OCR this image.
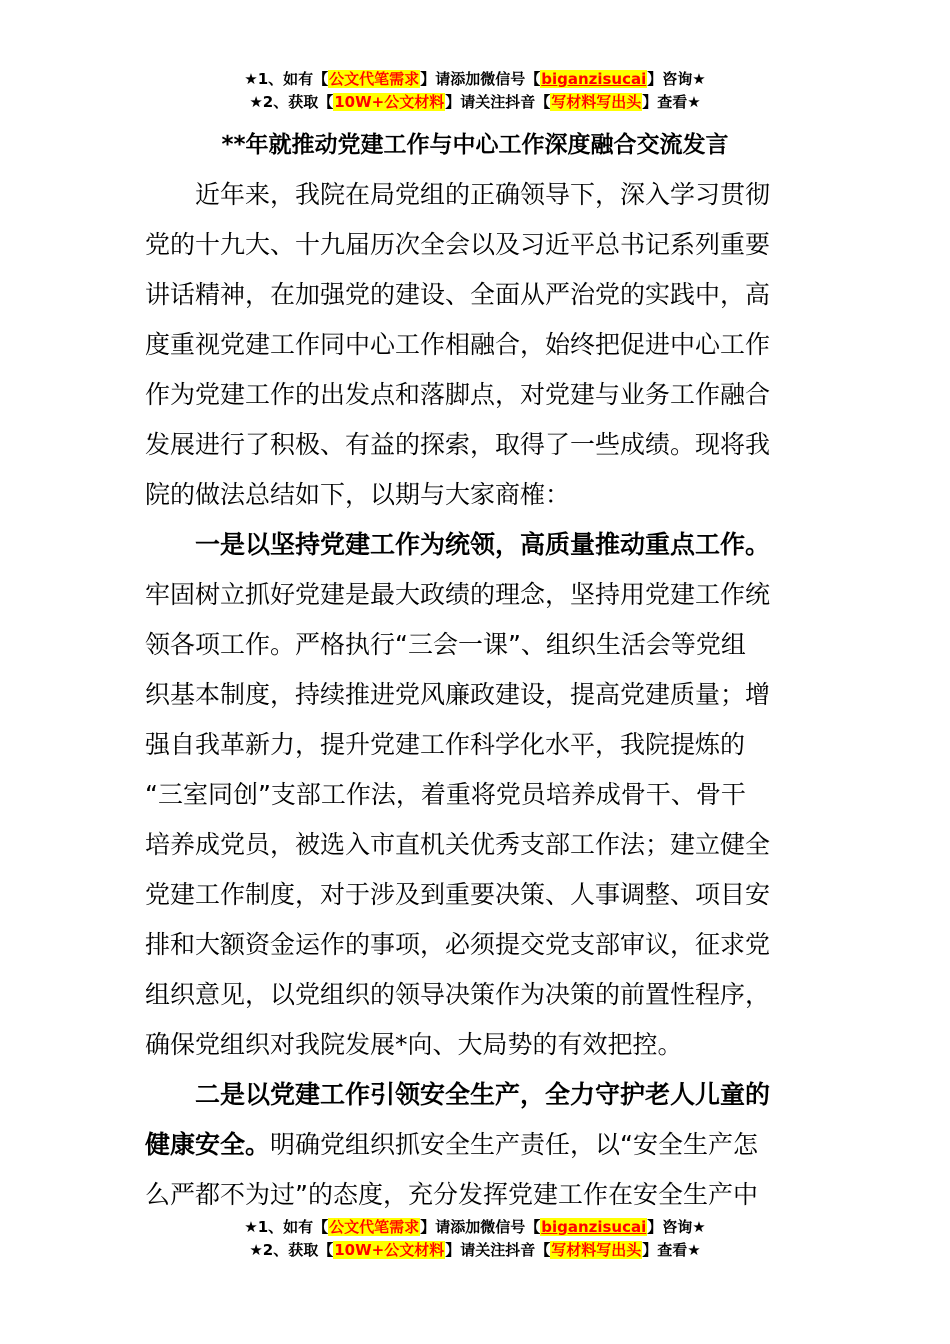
★1、如有【公文代笔需求】请添加微信号【biganzisucai】咨询★
★2、获取【10W+公文材料】请关注抖音【写材料写出头】查看★
**年就推动党建工作与中心工作深度融合交流发言
近年来，我院在局党组的正确领导下，深入学习贯彻
党的十九大、十九届历次全会以及习近平总书记系列重要
讲话精神，在加强党的建设、全面从严治党的实践中，高
度重视党建工作同中心工作相融合，始终把促进中心工作
作为党建工作的出发点和落脚点，对党建与业务工作融合
发展进行了积极、有益的探索，取得了一些成绩。现将我
院的做法总结如下，以期与大家商榷：
一是以坚持党建工作为统领，高质量推动重点工作。
牢固树立抓好党建是最大政绩的理念，坚持用党建工作统
领各项工作。严格执行“三会一课”、组织生活会等党组
织基本制度，持续推进党风廉政建设，提高党建质量；增
强自我革新力，提升党建工作科学化水平，我院提炼的
“三室同创”支部工作法，着重将党员培养成骨干、骨干
培养成党员，被选入市直机关优秀支部工作法；建立健全
党建工作制度，对于涉及到重要决策、人事调整、项目安
排和大额资金运作的事项，必须提交党支部审议，征求党
组织意见，以党组织的领导决策作为决策的前置性程序，
确保党组织对我院发展*向、大局势的有效把控。
二是以党建工作引领安全生产，全力守护老人儿童的
健康安全。明确党组织抓安全生产责任，以“安全生产怎
么严都不为过”的态度，充分发挥党建工作在安全生产中
★1、如有【公文代笔需求】请添加微信号【biganzisucai】咨询★
★2、获取【10W+公文材料】请关注抖音【写材料写出头】查看★
